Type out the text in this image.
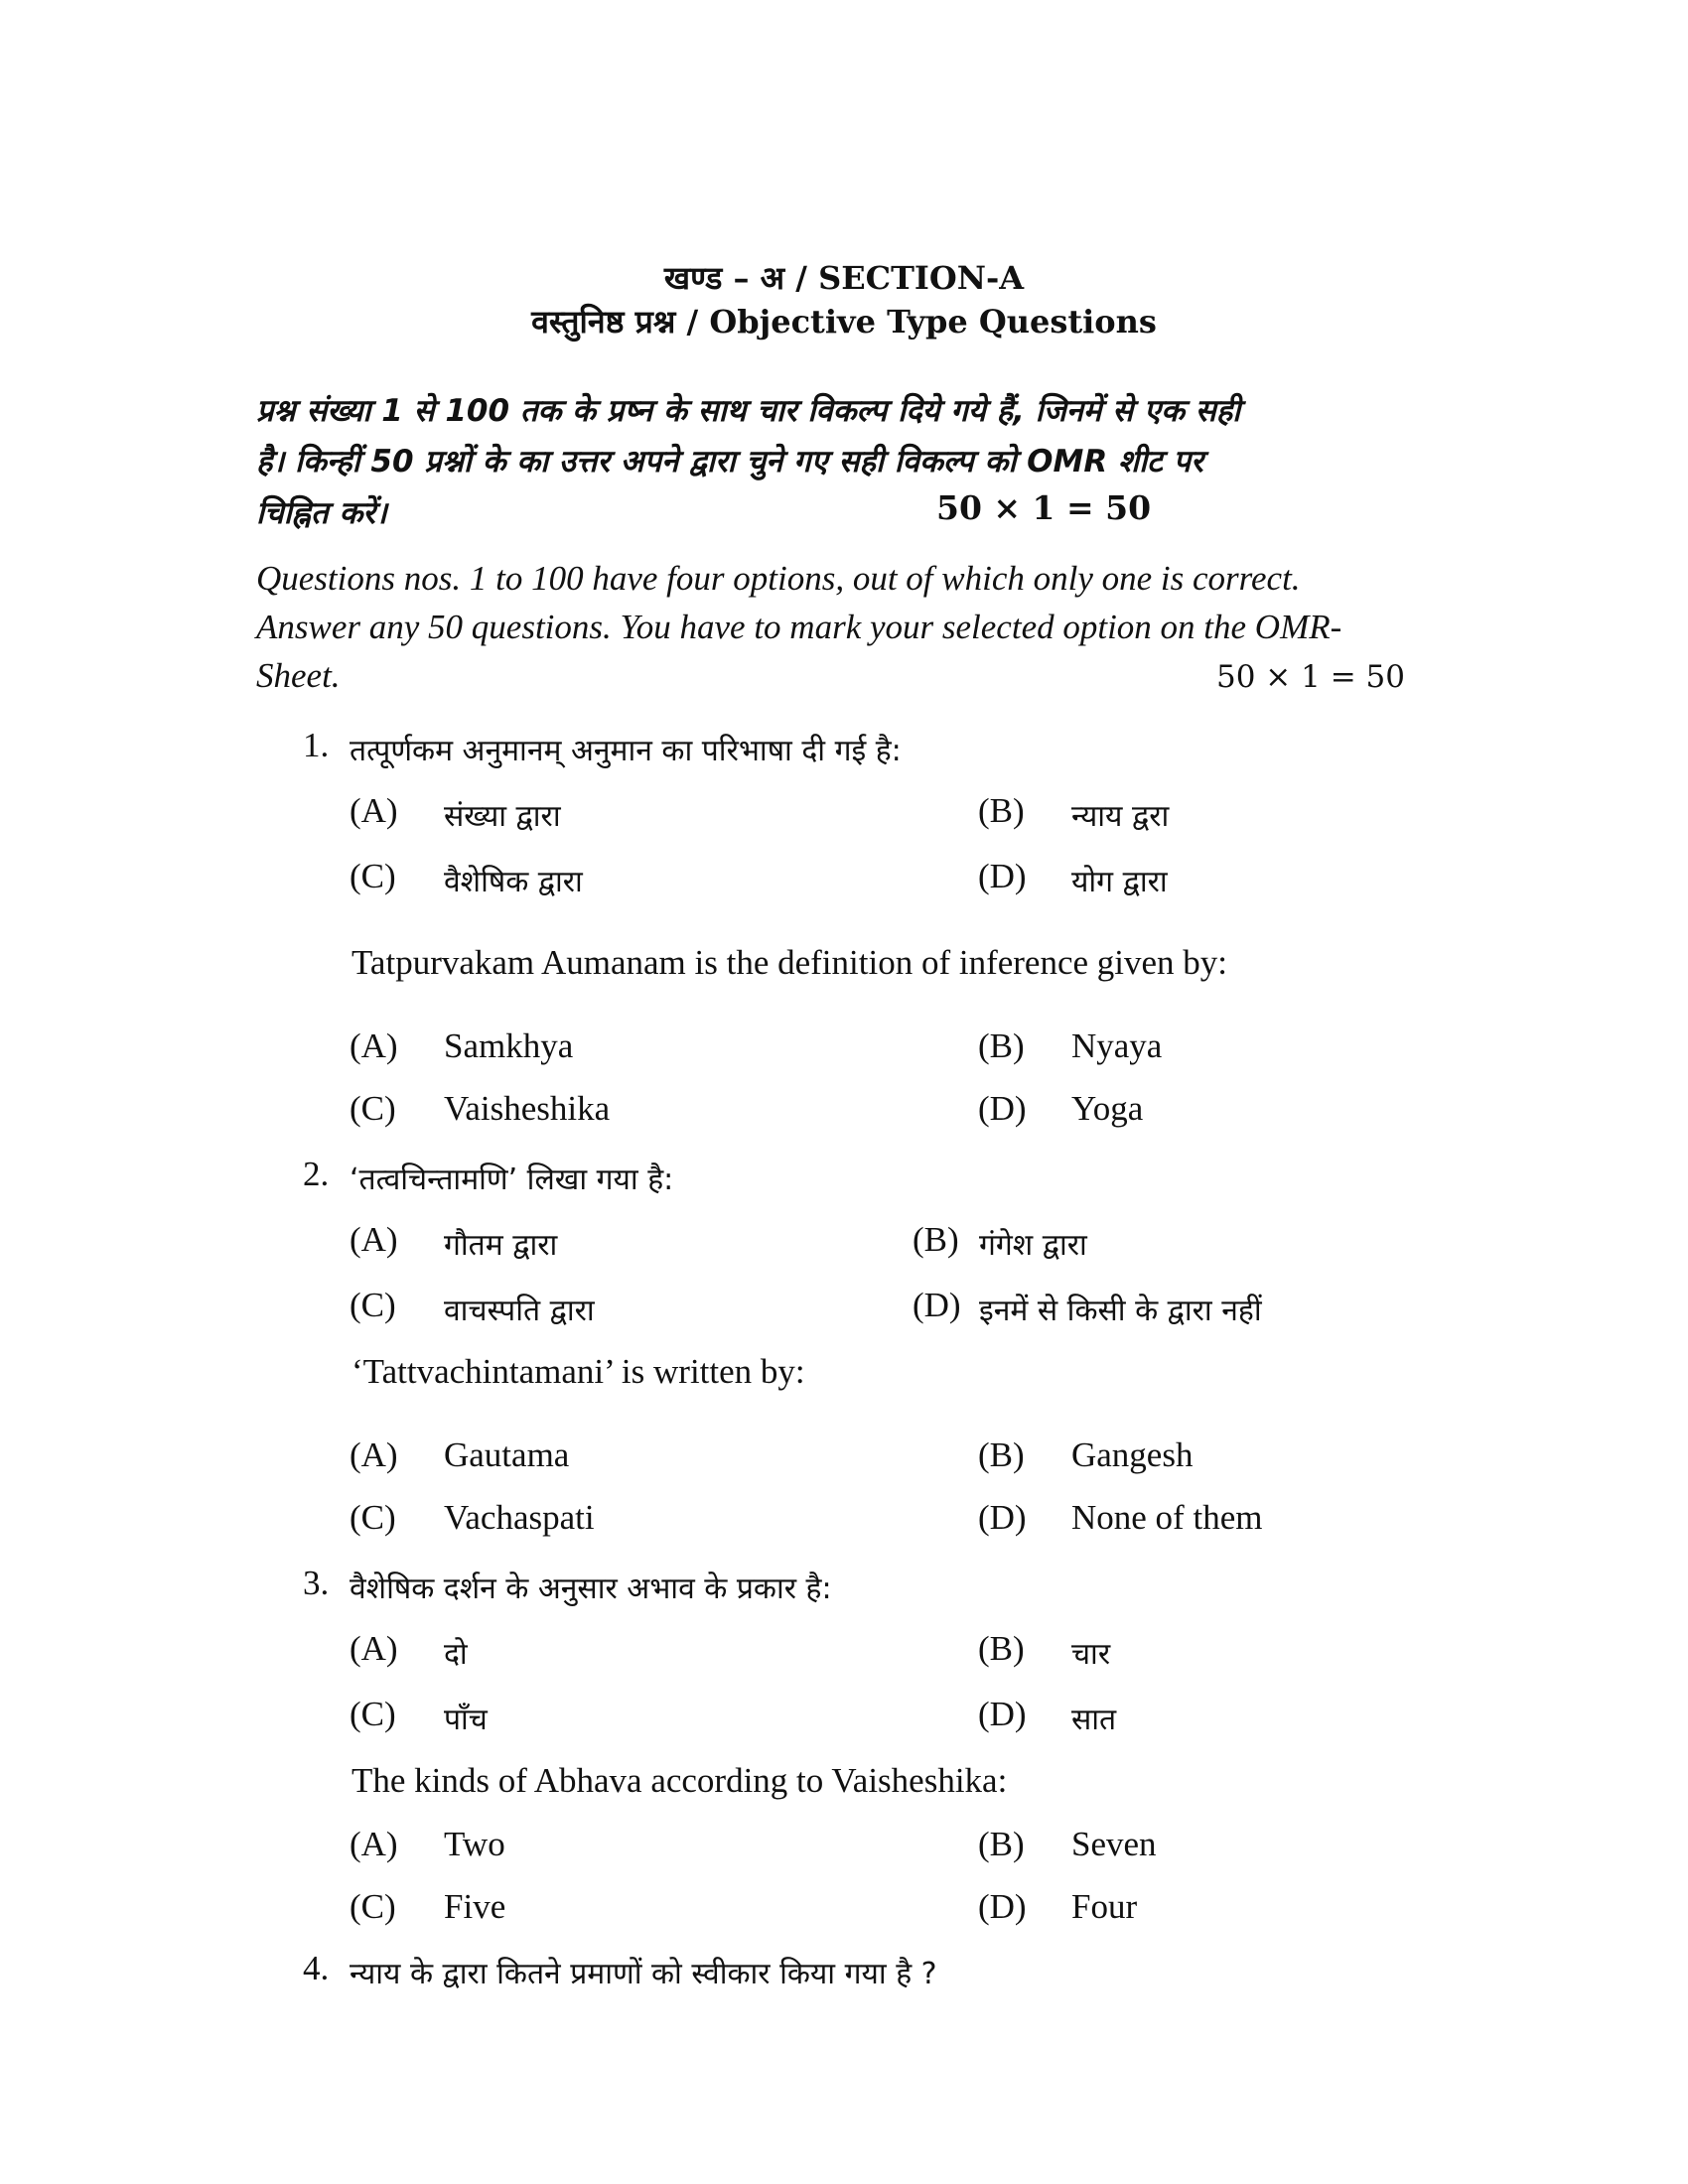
खण्ड – अ / SECTION-A
वस्तुनिष्ठ प्रश्न / Objective Type Questions
प्रश्न संख्या 1 से 100 तक के प्रष्न के साथ चार विकल्प दिये गये हैं, जिनमें से एक सही
है। किन्हीं 50 प्रश्नों के का उत्तर अपने द्वारा चुने गए सही विकल्प को OMR शीट पर
चिह्नित करें।	50 × 1 = 50
Questions nos. 1 to 100 have four options, out of which only one is correct.
Answer any 50 questions. You have to mark your selected option on the OMR-
Sheet.	50 × 1 = 50
1. तत्पूर्णकम अनुमानम् अनुमान का परिभाषा दी गई है:
(A) संख्या द्वारा	(B) न्याय द्वरा
(C) वैशेषिक द्वारा	(D) योग द्वारा
Tatpurvakam Aumanam is the definition of inference given by:
(A) Samkhya	(B) Nyaya
(C) Vaisheshika	(D) Yoga
2. ‘तत्वचिन्तामणि’ लिखा गया है:
(A) गौतम द्वारा	(B) गंगेश द्वारा
(C) वाचस्पति द्वारा	(D) इनमें से किसी के द्वारा नहीं
‘Tattvachintamani’ is written by:
(A) Gautama	(B) Gangesh
(C) Vachaspati	(D) None of them
3. वैशेषिक दर्शन के अनुसार अभाव के प्रकार है:
(A) दो	(B) चार
(C) पाँच	(D) सात
The kinds of Abhava according to Vaisheshika:
(A) Two	(B) Seven
(C) Five	(D) Four
4. न्याय के द्वारा कितने प्रमाणों को स्वीकार किया गया है ?
